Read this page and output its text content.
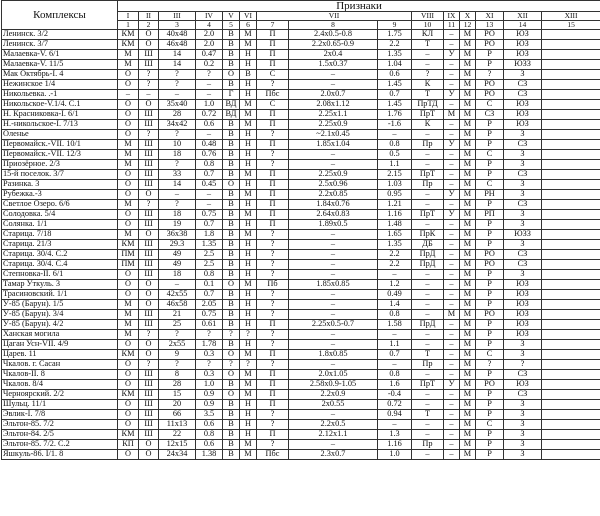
Комплексы	Признаки														
	I	II	III	IV	V	VI	VII			VIII	IX	X	XI	XII	XIII
	1	2	3	4	5	6	7	8	9	10	11	12	13	14	15
Ленинск. 3/2	КМ	О	40х48	2.0	В	М	П	2.4х0.5-0.8	1.75	КЛ	–	М	РО	ЮЗ	
Ленинск. 3/7	КМ	О	46х48	2.0	В	М	П	2.2х0.65-0.9	2.2	Т	–	М	РО	ЮЗ	
Малаевка-V. 6/1	М	Ш	14	0.47	В	Н	П	2х0.4	1.35	–	У	М	Р	ЮЗ	
Малаевка-V. 11/5	М	Ш	14	0.2	В	Н	П	1.5х0.37	1.04	–	–	М	Р	ЮЗЗ	
Мак Октябрь-I. 4	О	?	?	?	О	В	С	–	0.6	?	–	М	?	З	
Нежинское 1/4	О	?	?	–	В	Н	?	–	1.45	К	–	М	РО	СЗ	
Никольевка. .-1	–	–	–	–	Г	Н	Пбс	2.0х0.7	0.7	Т	У	М	РО	СЗ	
Никольское-V.1/4. С.1	О	О	35х40	1.0	ВД	М	С	2.08х1.12	1.45	ПрТД	–	М	С	ЮЗ	
Н. Красниковка-I. 6/1	О	Ш	28	0.72	ВД	М	П	2.25х1.1	1.76	ПрТ	М	М	СЗ	ЮЗ	
Н.-никольское-I. 7/13	О	Ш	34х42	0.6	В	М	П	2.25х0.9	-1.6	К	–	М	Р	ЮЗ	
Оленье	О	?	?	–	В	Н	?	~2.1х0.45	–	–	–	М	Р	З	
Первомайск.-VII. 10/1	М	Ш	10	0.48	В	Н	П	1.85х1.04	0.8	Пр	У	М	Р	СЗ	
Первомайск.-VII. 12/3	М	Ш	18	0.76	В	Н	?	–	0.5	–	–	М	С	З	
Приозёрное. 2/3	М	Ш	?	0.8	В	Н	?	–	1.1	–	–	М	Р	З	
15-й поселок. 3/7	О	Ш	33	0.7	В	М	П	2.25х0.9	2.15	ПрТ	–	М	Р	СЗ	
Разинка. 3	О	Ш	14	0.45	О	Н	П	2.5х0.96	1.03	Пр	–	М	С	З	
Рубежка.-3	О	О	–	–	В	М	П	2.2х0.85	0.95	–	У	М	РН	З	
Светлое Озеро. 6/6	М	?	?	–	В	Н	П	1.84х0.76	1.21	–	–	М	Р	СЗ	
Солодовка. 5/4	О	Ш	18	0.75	В	М	П	2.64х0.83	1.16	ПрТ	У	М	РП	З	
Солянка. 1/1	О	Ш	19	0.7	В	Н	П	1.89х0.5	1.48	–	–	М	Р	З	
Старица. 7/18	М	О	36х38	1.8	В	М	?	–	1.65	ПрК	–	М	Р	ЮЗЗ	
Старица. 21/3	КМ	Ш	29.3	1.35	В	Н	?	–	1.35	ДБ	–	М	Р	З	
Старица. 30/4. С.2	ПМ	Ш	49	2.5	В	Н	?	–	2.2	ПрД	–	М	РО	СЗ	
Старица. 30/4. С.4	ПМ	Ш	49	2.5	В	Н	?	–	2.2	ПрД	–	М	РО	СЗ	
Степновка-II. 6/1	О	Ш	18	0.8	В	Н	?	–	–	–	–	М	Р	З	
Тамар Уткуль. 3	О	О	–	0.1	О	М	Пб	1.85х0.85	1.2	–	–	М	Р	ЮЗ	
Трасиновский. 1/1	О	О	42х55	0.7	В	Н	?	–	0.49	–	–	М	Р	ЮЗ	
У-85 (Барун). 1/5	М	О	46х58	2.05	В	Н	?	–	1.4	–	–	М	Р	ЮЗ	
У-85 (Барун). 3/4	М	Ш	21	0.75	В	Н	?	–	0.8	–	М	М	РО	ЮЗ	
У-85 (Барун). 4/2	М	Ш	25	0.61	В	Н	П	2.25х0.5-0.7	1.58	ПрД	–	М	Р	ЮЗ	
Ханская могила	М	?	?	?	?	?	?	–	–	–	–	М	Р	ЮЗ	
Цаган Усн-VII. 4/9	О	О	2х55	1.78	В	Н	?	–	1.1	–	–	М	Р	З	
Царев. 11	КМ	О	9	0.3	О	М	П	1.8х0.85	0.7	Т	–	М	С	З	
Чкалов. г. Сасан	О	?	?	?	?	?	?	–	–	Пр	–	М	?	?	
Чкалов-II. 8	О	Ш	8	0.3	О	М	П	2.0х1.05	0.8	–	–	М	Р	СЗ	
Чкалов. 8/4	О	Ш	28	1.0	В	М	П	2.58х0.9-1.05	1.6	ПрТ	У	М	РО	ЮЗ	
Черноярский. 2/2	КМ	Ш	15	0.9	О	М	П	2.2х0.9	-0.4	–	–	М	Р	СЗ	
Шульц. 11/1	О	Ш	20	0.9	В	Н	П	2х0.55	0.72	–	–	М	Р	З	
Эвлик-I. 7/8	О	Ш	66	3.5	В	Н	?	–	0.94	Т	–	М	Р	З	
Эльтон-85. 7/2	О	Ш	11х13	0.6	В	Н	?	2.2х0.5	–	–	–	М	С	З	
Эльтон-84. 2/5	КМ	Ш	22	0.8	В	Н	П	2.12х1.1	1.3	–	–	М	Р	З	
Эльтон-85. 7/2. С.2	КП	О	12х15	0.6	В	М	?	–	1.16	Пр	–	М	Р	З	
Яшкуль-86. I/1. 8	О	О	24х34	1.38	В	М	Пбс	2.3х0.7	1.0	–	–	М	Р	З	
